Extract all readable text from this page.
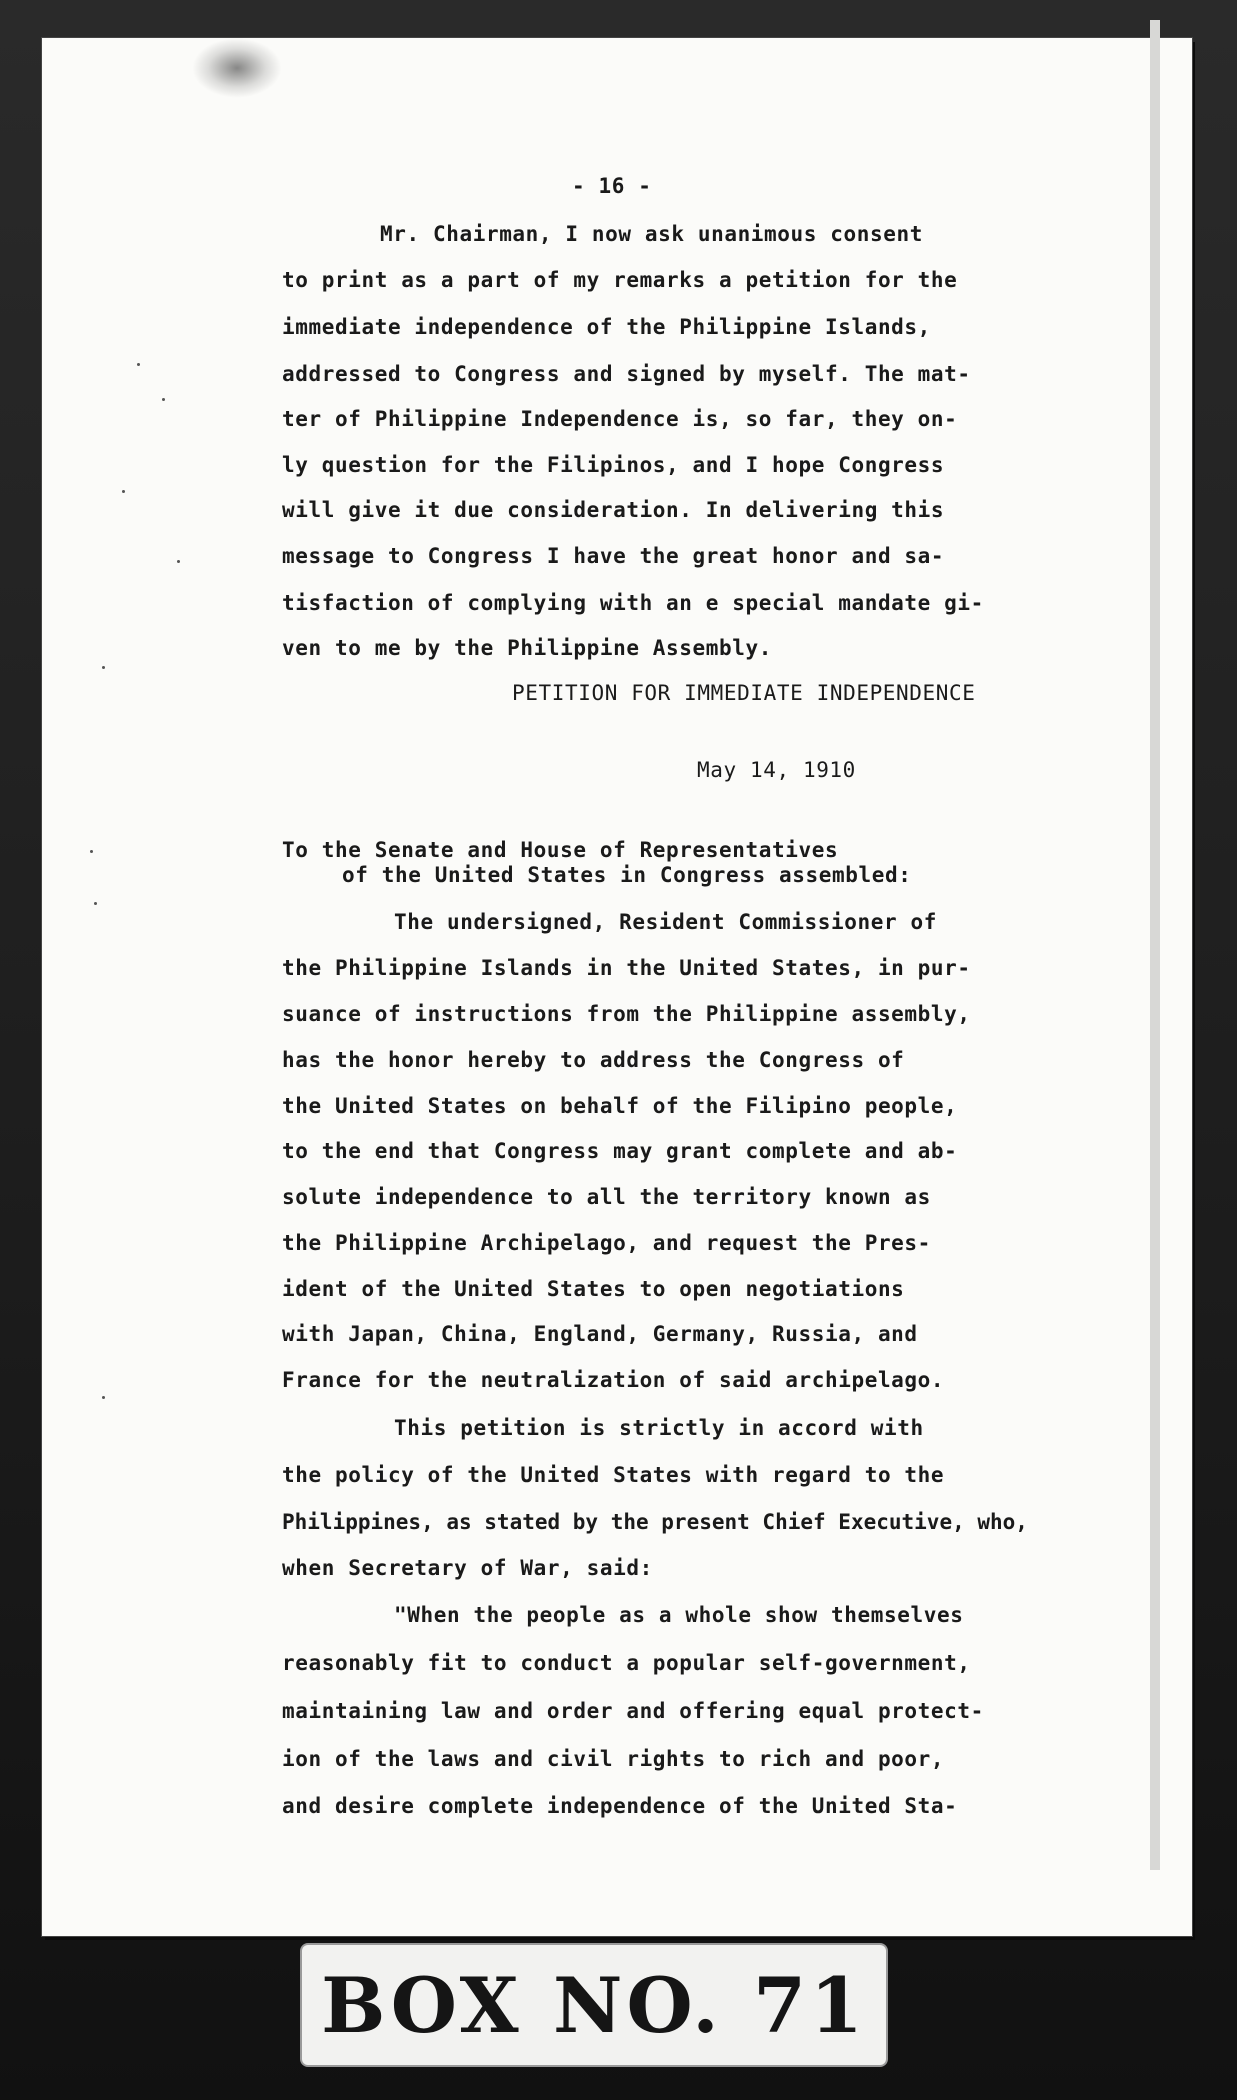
- 16 -
Mr. Chairman, I now ask unanimous consent
to print as a part of my remarks a petition for the
immediate independence of the Philippine Islands,
addressed to Congress and signed by myself. The mat-
ter of Philippine Independence is, so far, they on-
ly question for the Filipinos, and I hope Congress
will give it due consideration. In delivering this
message to Congress I have the great honor and sa-
tisfaction of complying with an e special mandate gi-
ven to me by the Philippine Assembly.
PETITION FOR IMMEDIATE INDEPENDENCE
May 14, 1910
To the Senate and House of Representatives
of the United States in Congress assembled:
The undersigned, Resident Commissioner of
the Philippine Islands in the United States, in pur-
suance of instructions from the Philippine assembly,
has the honor hereby to address the Congress of
the United States on behalf of the Filipino people,
to the end that Congress may grant complete and ab-
solute independence to all the territory known as
the Philippine Archipelago, and request the Pres-
ident of the United States to open negotiations
with Japan, China, England, Germany, Russia, and
France for the neutralization of said archipelago.
This petition is strictly in accord with
the policy of the United States with regard to the
Philippines, as stated by the present Chief Executive, who,
when Secretary of War, said:
"When the people as a whole show themselves
reasonably fit to conduct a popular self-government,
maintaining law and order and offering equal protect-
ion of the laws and civil rights to rich and poor,
and desire complete independence of the United Sta-
BOX NO. 71
